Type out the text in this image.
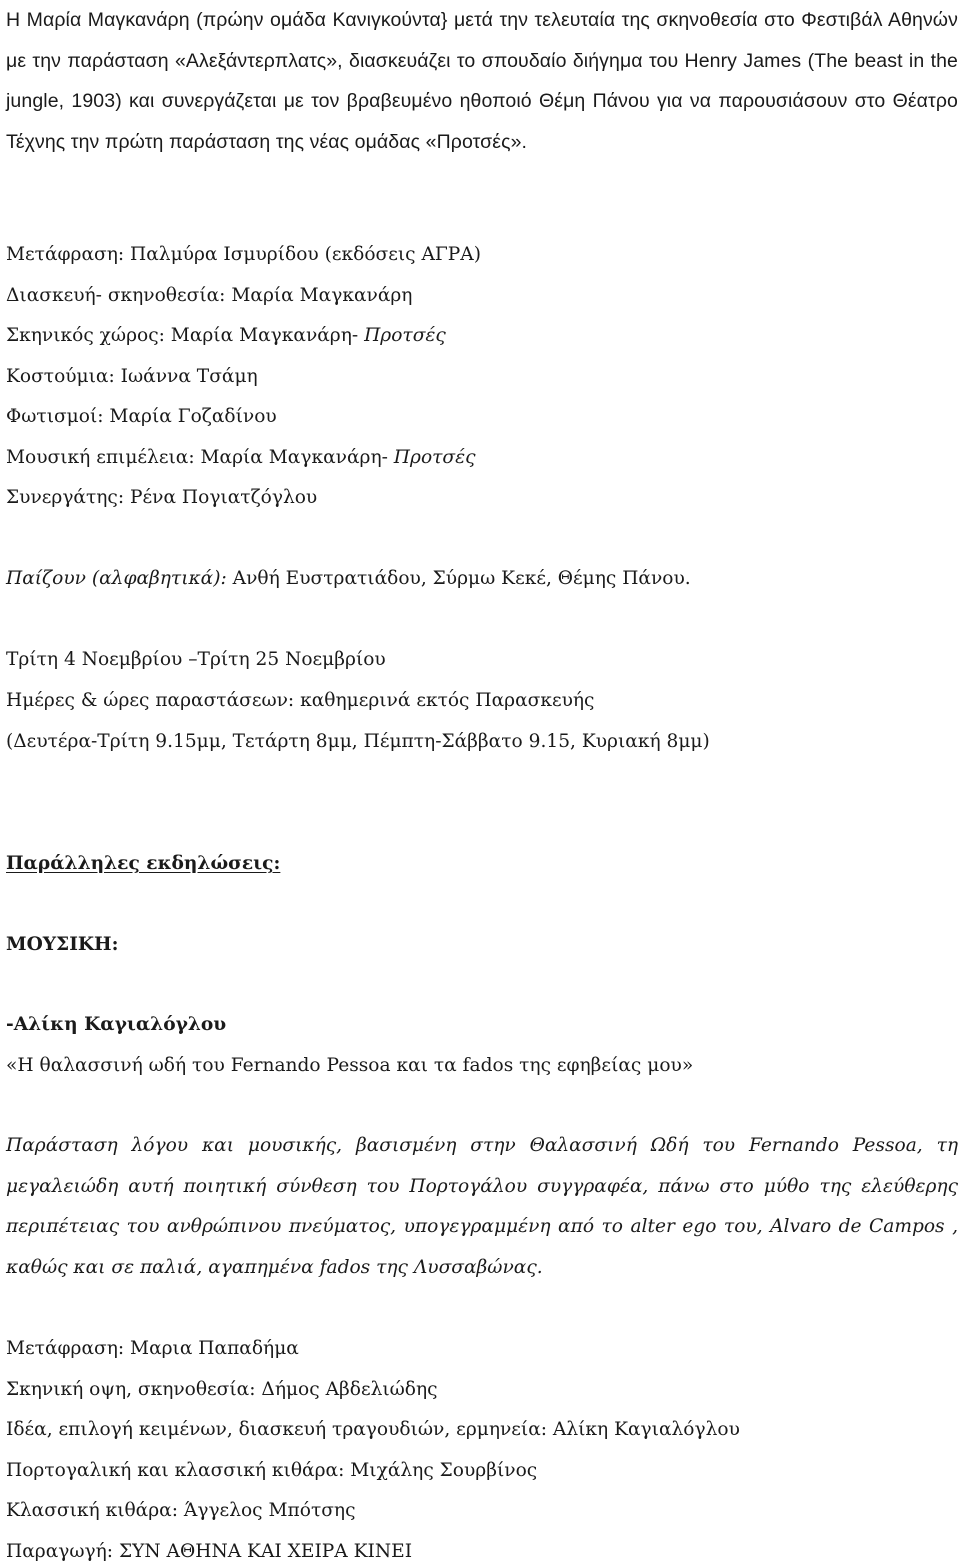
Η Μαρία Μαγκανάρη (πρώην ομάδα Κανιγκούντα} μετά την τελευταία της σκηνοθεσία στο Φεστιβάλ Αθηνών με την παράσταση «Αλεξάντερπλατς», διασκευάζει το σπουδαίο διήγημα του Henry James (The beast in the jungle, 1903) και συνεργάζεται με τον βραβευμένο ηθοποιό Θέμη Πάνου για να παρουσιάσουν στο Θέατρο Τέχνης την πρώτη παράσταση της νέας ομάδας «Προτσές».

Μετάφραση: Παλμύρα Ισμυρίδου (εκδόσεις ΑΓΡΑ)
Διασκευή- σκηνοθεσία: Μαρία Μαγκανάρη
Σκηνικός χώρος: Μαρία Μαγκανάρη- Προτσές
Κοστούμια: Ιωάννα Τσάμη
Φωτισμοί: Μαρία Γοζαδίνου
Μουσική επιμέλεια: Μαρία Μαγκανάρη- Προτσές
Συνεργάτης: Ρένα Πογιατζόγλου
Παίζουν (αλφαβητικά): Ανθή Ευστρατιάδου, Σύρμω Κεκέ, Θέμης Πάνου.
Τρίτη 4 Νοεμβρίου –Τρίτη 25 Νοεμβρίου
Ημέρες & ώρες παραστάσεων: καθημερινά εκτός Παρασκευής
(Δευτέρα-Τρίτη 9.15μμ, Τετάρτη 8μμ, Πέμπτη-Σάββατο 9.15, Κυριακή 8μμ)
Παράλληλες εκδηλώσεις:
ΜΟΥΣΙΚΗ:
-Αλίκη Καγιαλόγλου
«Η θαλασσινή ωδή του Fernando Pessoa και τα fados της εφηβείας μου»

Παράσταση λόγου και μουσικής, βασισμένη στην Θαλασσινή Ωδή του Fernando Pessoa, τη μεγαλειώδη αυτή ποιητική σύνθεση του Πορτογάλου συγγραφέα, πάνω στο μύθο της ελεύθερης περιπέτειας του ανθρώπινου πνεύματος, υπογεγραμμένη από το alter ego του, Alvaro de Campos , καθώς και σε παλιά, αγαπημένα fados της Λυσσαβώνας.

Μετάφραση: Μαρια Παπαδήμα
Σκηνική οψη, σκηνοθεσία: Δήμος Αβδελιώδης
Ιδέα, επιλογή κειμένων, διασκευή τραγουδιών, ερμηνεία: Αλίκη Καγιαλόγλου
Πορτογαλική και κλασσική κιθάρα: Μιχάλης Σουρβίνος
Κλασσική κιθάρα: Άγγελος Μπότσης
Παραγωγή: ΣΥΝ ΑΘΗΝΑ ΚΑΙ ΧΕΙΡΑ ΚΙΝΕΙ
